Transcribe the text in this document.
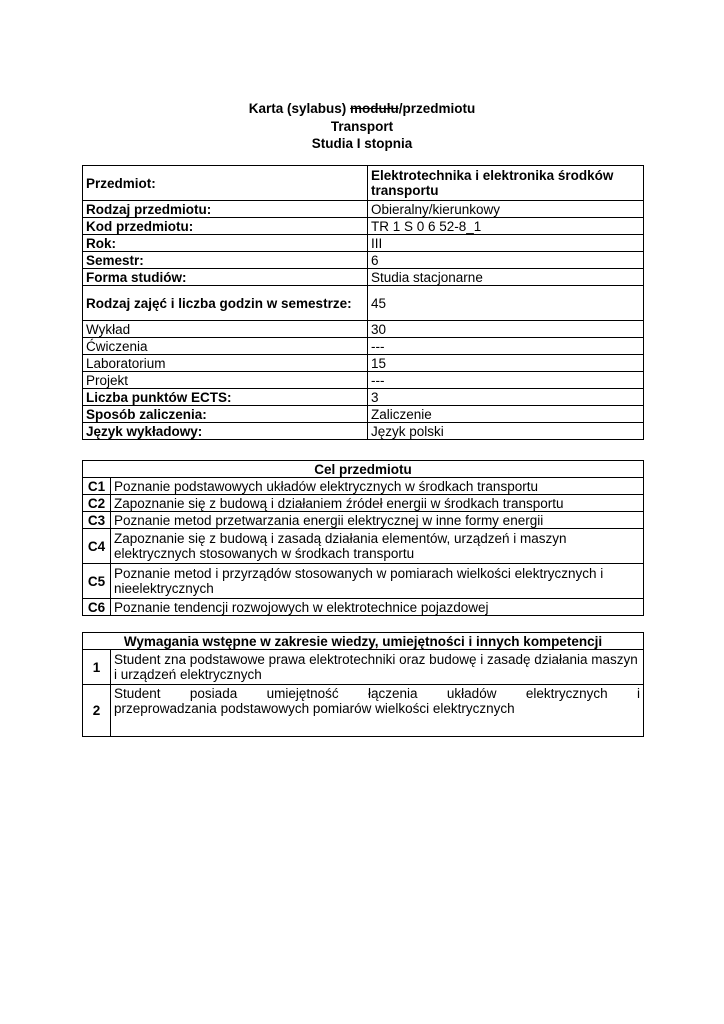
Karta (sylabus) modułu/przedmiotu
Transport
Studia I stopnia
Przedmiot:	Elektrotechnika i elektronika środków transportu
Rodzaj przedmiotu:	Obieralny/kierunkowy
Kod przedmiotu:	TR 1 S 0 6 52-8_1
Rok:	III
Semestr:	6
Forma studiów:	Studia stacjonarne
Rodzaj zajęć i liczba godzin w semestrze:	45
Wykład	30
Ćwiczenia	---
Laboratorium	15
Projekt	---
Liczba punktów ECTS:	3
Sposób zaliczenia:	Zaliczenie
Język wykładowy:	Język polski
Cel przedmiotu	
C1	Poznanie podstawowych układów elektrycznych w środkach transportu
C2	Zapoznanie się z budową i działaniem źródeł energii w środkach transportu
C3	Poznanie metod przetwarzania energii elektrycznej w inne formy energii
C4	Zapoznanie się z budową i zasadą działania elementów, urządzeń i maszyn elektrycznych stosowanych w środkach transportu
C5	Poznanie metod i przyrządów stosowanych w pomiarach wielkości elektrycznych i nieelektrycznych
C6	Poznanie tendencji rozwojowych w elektrotechnice pojazdowej
Wymagania wstępne w zakresie wiedzy, umiejętności i innych kompetencji	
1	Student zna podstawowe prawa elektrotechniki oraz budowę i zasadę działania maszyn i urządzeń elektrycznych
2	Student posiada umiejętność łączenia układów elektrycznych i
przeprowadzania podstawowych pomiarów wielkości elektrycznych
